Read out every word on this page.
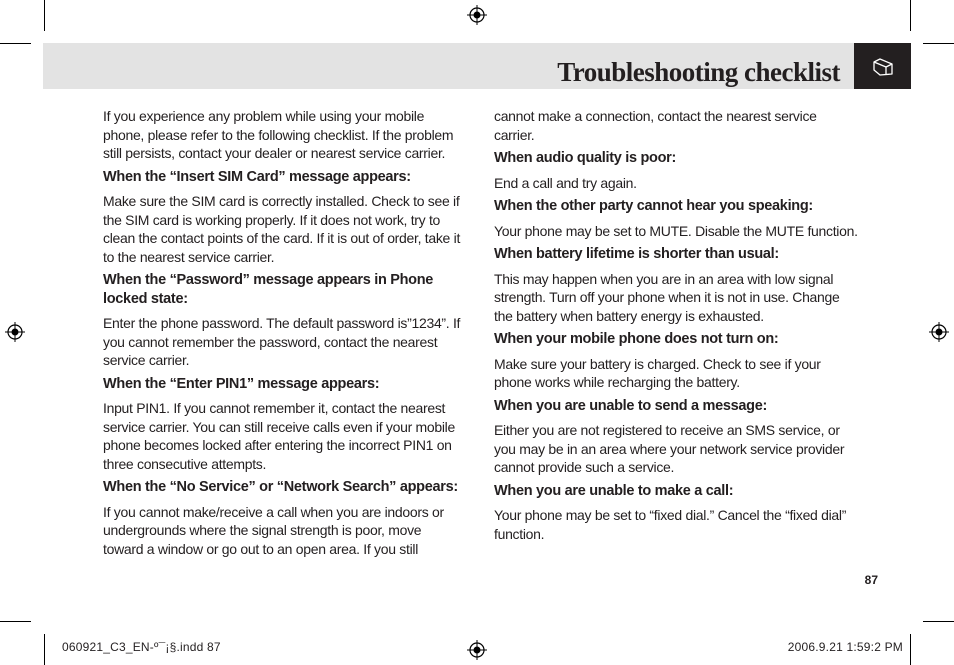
Troubleshooting checklist

If you experience any problem while using your mobile phone, please refer to the following checklist. If the problem still persists, contact your dealer or nearest service carrier.

When the “Insert SIM Card” message appears:

Make sure the SIM card is correctly installed. Check to see if the SIM card is working properly. If it does not work, try to clean the contact points of the card. If it is out of order, take it to the nearest service carrier.

When the “Password” message appears in Phone locked state:

Enter the phone password. The default password is”1234”. If you cannot remember the password, contact the nearest service carrier.

When the “Enter PIN1” message appears:

Input PIN1. If you cannot remember it, contact the nearest service carrier. You can still receive calls even if your mobile phone becomes locked after entering the incorrect PIN1 on three consecutive attempts.

When the “No Service” or “Network Search” appears:

If you cannot make/receive a call when you are indoors or undergrounds where the signal strength is poor, move toward a window or go out to an open area. If you still

cannot make a connection, contact the nearest service carrier.

When audio quality is poor:

End a call and try again.

When the other party cannot hear you speaking:

Your phone may be set to MUTE. Disable the MUTE function.

When battery lifetime is shorter than usual:

This may happen when you are in an area with low signal strength. Turn off your phone when it is not in use. Change the battery when battery energy is exhausted.

When your mobile phone does not turn on:

Make sure your battery is charged. Check to see if your phone works while recharging the battery.

When you are unable to send a message:

Either you are not registered to receive an SMS service, or you may be in an area where your network service provider cannot provide such a service.

When you are unable to make a call:

Your phone may be set to “fixed dial.” Cancel the “fixed dial” function.

87
060921_C3_EN-º¯¡§.indd 87	2006.9.21 1:59:2 PM
